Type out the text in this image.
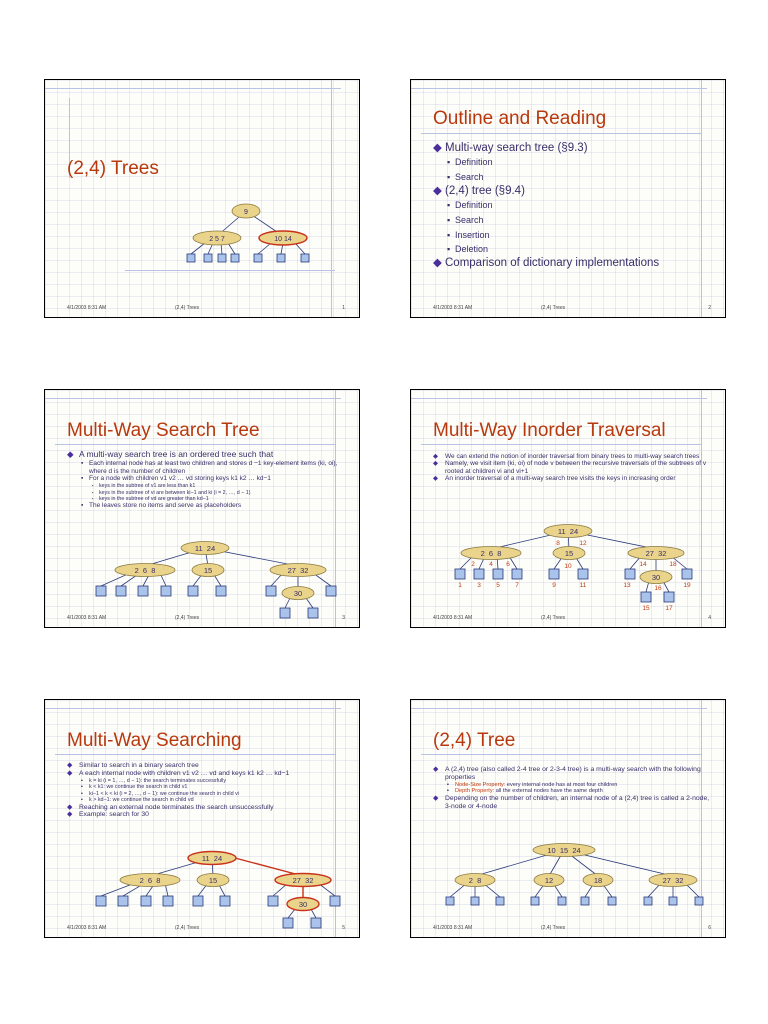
(2,4) Trees
9
2 5 7	10 14
4/1/2003 8:31 AM	(2,4) Trees	1
Outline and Reading
◆ Multi-way search tree (§9.3)
▪ Definition
▪ Search
◆ (2,4) tree (§9.4)
▪ Definition
▪ Search
▪ Insertion
▪ Deletion
◆ Comparison of dictionary implementations
4/1/2003 8:31 AM	(2,4) Trees	2
Multi-Way Search Tree
◆ A multi-way search tree is an ordered tree such that
▪ Each internal node has at least two children and stores d −1 key-element items (ki, oi), where d is the number of children
▪ For a node with children v1 v2 … vd storing keys k1 k2 … kd−1
▪ keys in the subtree of v1 are less than k1
▪ keys in the subtree of vi are between ki−1 and ki (i = 2, …, d − 1)
▪ keys in the subtree of vd are greater than kd−1
▪ The leaves store no items and serve as placeholders
11  24
2  6  8	15	27  32
30
4/1/2003 8:31 AM	(2,4) Trees	3
Multi-Way Inorder Traversal
◆ We can extend the notion of inorder traversal from binary trees to multi-way search trees
◆ Namely, we visit item (ki, oi) of node v between the recursive traversals of the subtrees of v rooted at children vi and vi+1
◆ An inorder traversal of a multi-way search tree visits the keys in increasing order
11  24
2  6  8	15	27  32
30
8	12
2 4 6	10	14	18
1 3 5 7	9	11	13	16	19
15 17
4/1/2003 8:31 AM	(2,4) Trees	4
Multi-Way Searching
◆ Similar to search in a binary search tree
◆ A each internal node with children v1 v2 … vd and keys k1 k2 … kd−1
▪ k = ki (i = 1, …, d − 1): the search terminates successfully
▪ k < k1: we continue the search in child v1
▪ ki−1 < k < ki (i = 2, …, d − 1): we continue the search in child vi
▪ k > kd−1: we continue the search in child vd
◆ Reaching an external node terminates the search unsuccessfully
◆ Example: search for 30
11  24
2  6  8	15	27  32
30
4/1/2003 8:31 AM	(2,4) Trees	5
(2,4) Tree
◆ A (2,4) tree (also called 2-4 tree or 2-3-4 tree) is a multi-way search with the following properties
▪ Node-Size Property: every internal node has at most four children
▪ Depth Property: all the external nodes have the same depth
◆ Depending on the number of children, an internal node of a (2,4) tree is called a 2-node, 3-node or 4-node
10  15  24
2  8	12	18	27  32
4/1/2003 8:31 AM	(2,4) Trees	6
